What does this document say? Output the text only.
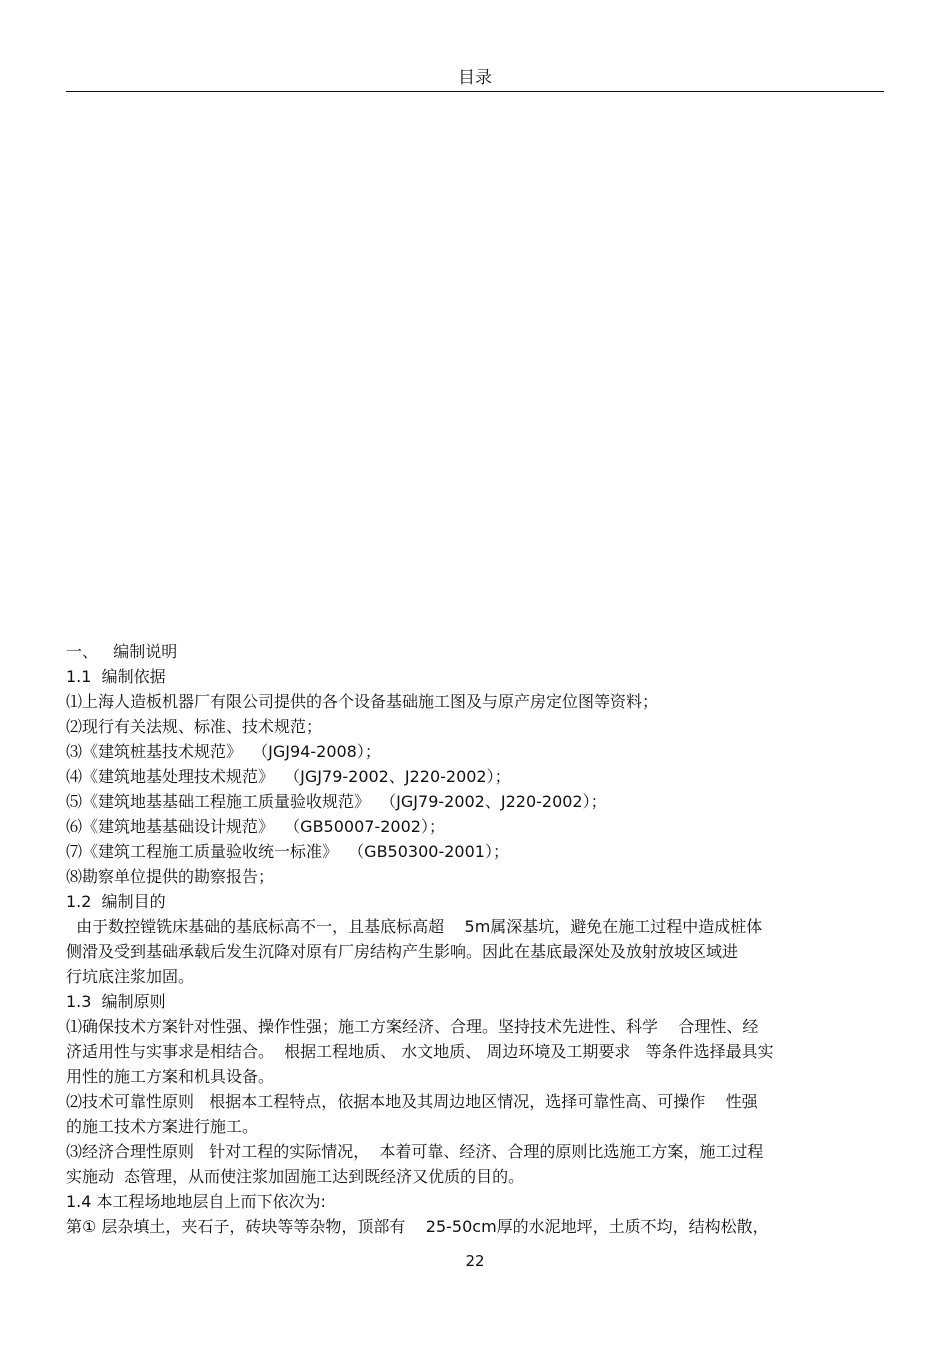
目录
一、   编制说明
1.1  编制依据
⑴上海人造板机器厂有限公司提供的各个设备基础施工图及与原产房定位图等资料；
⑵现行有关法规、标准、技术规范；
⑶《建筑桩基技术规范》  （JGJ94-2008）；
⑷《建筑地基处理技术规范》  （JGJ79-2002、J220-2002）；
⑸《建筑地基基础工程施工质量验收规范》  （JGJ79-2002、J220-2002）；
⑹《建筑地基基础设计规范》  （GB50007-2002）；
⑺《建筑工程施工质量验收统一标准》  （GB50300-2001）；
⑻勘察单位提供的勘察报告；
1.2  编制目的
由于数控镗铣床基础的基底标高不一，且基底标高超    5m属深基坑，避免在施工过程中造成桩体
侧滑及受到基础承载后发生沉降对原有厂房结构产生影响。因此在基底最深处及放射放坡区域进
行坑底注浆加固。
1.3  编制原则
⑴确保技术方案针对性强、操作性强；施工方案经济、合理。坚持技术先进性、科学    合理性、经
济适用性与实事求是相结合。  根据工程地质、 水文地质、 周边环境及工期要求   等条件选择最具实
用性的施工方案和机具设备。
⑵技术可靠性原则   根据本工程特点，依据本地及其周边地区情况，选择可靠性高、可操作    性强
的施工技术方案进行施工。
⑶经济合理性原则   针对工程的实际情况，  本着可靠、经济、合理的原则比选施工方案，施工过程
实施动  态管理，从而使注浆加固施工达到既经济又优质的目的。
1.4 本工程场地地层自上而下依次为:
第① 层杂填土，夹石子，砖块等等杂物，顶部有    25-50cm厚的水泥地坪，土质不均，结构松散，
22
